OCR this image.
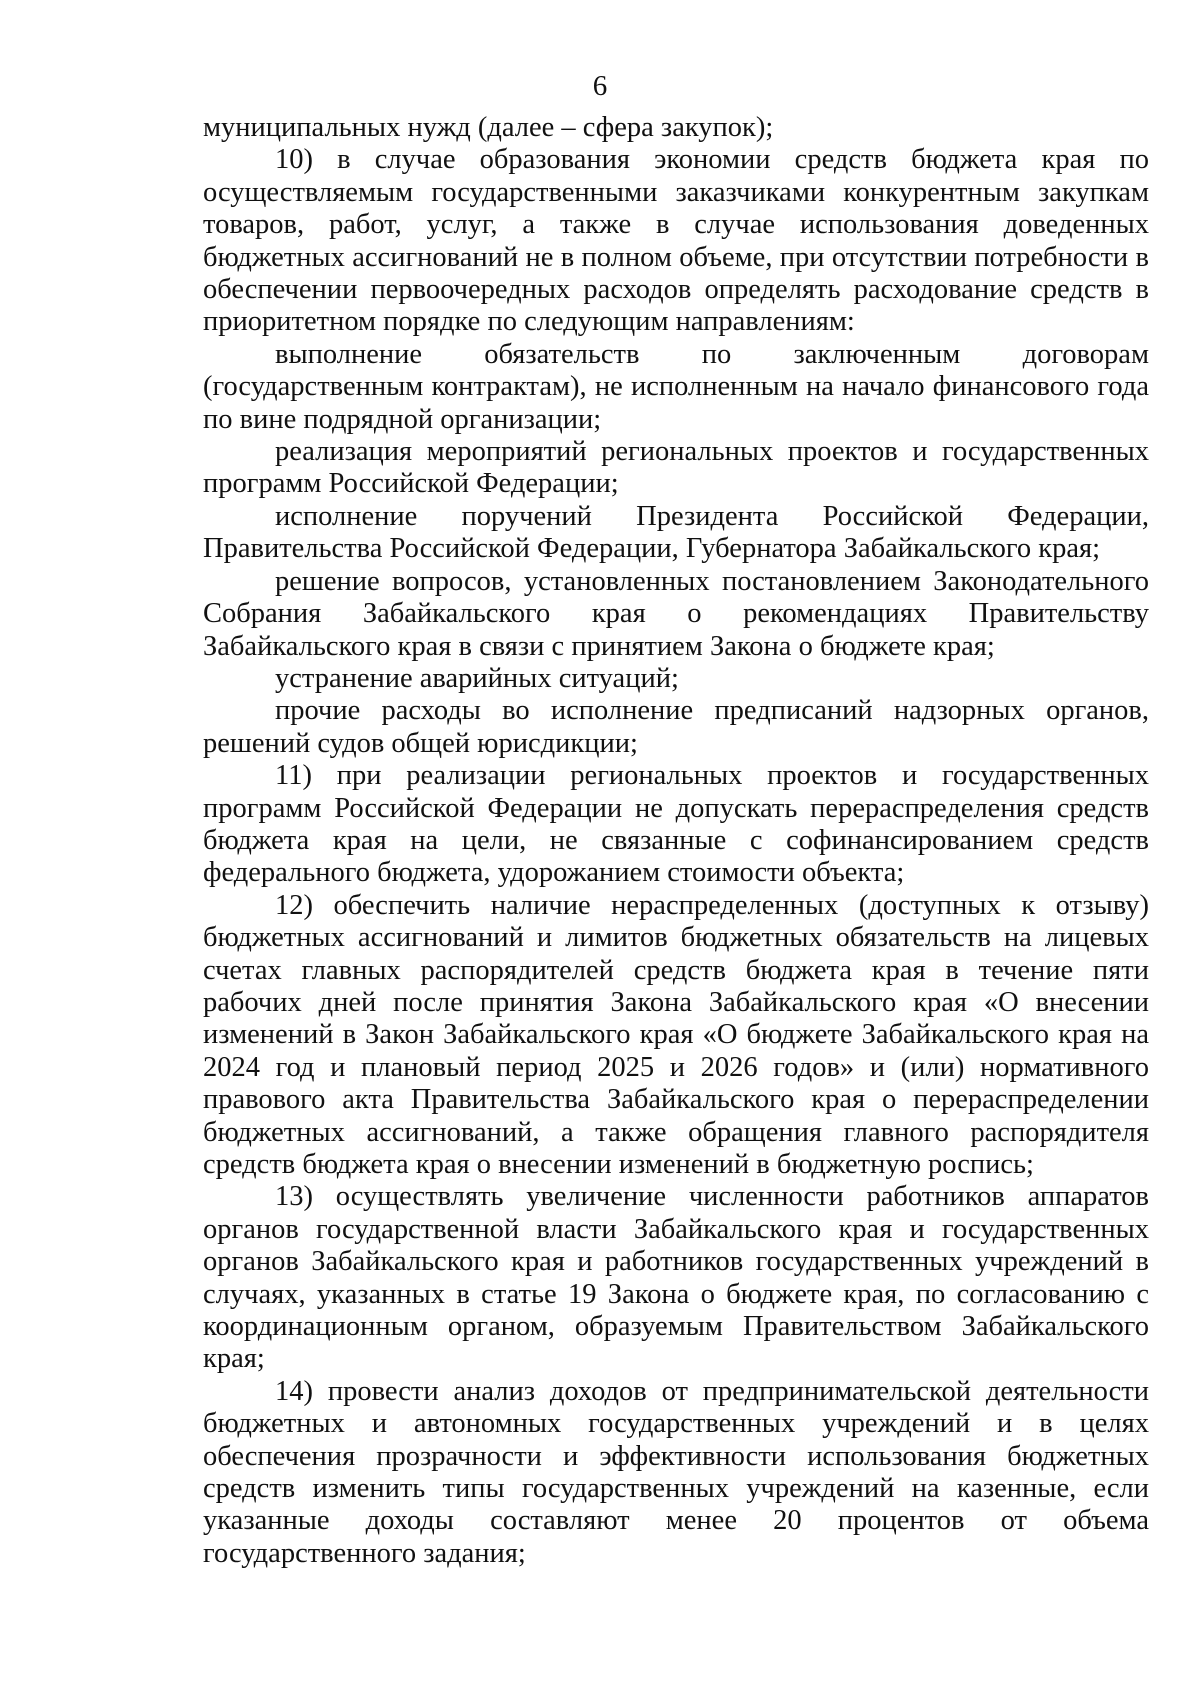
6

муниципальных нужд (далее – сфера закупок);

10) в случае образования экономии средств бюджета края по осуществляемым государственными заказчиками конкурентным закупкам товаров, работ, услуг, а также в случае использования доведенных бюджетных ассигнований не в полном объеме, при отсутствии потребности в обеспечении первоочередных расходов определять расходование средств в приоритетном порядке по следующим направлениям:

выполнение обязательств по заключенным договорам (государственным контрактам), не исполненным на начало финансового года по вине подрядной организации;

реализация мероприятий региональных проектов и государственных программ Российской Федерации;

исполнение поручений Президента Российской Федерации, Правительства Российской Федерации, Губернатора Забайкальского края;

решение вопросов, установленных постановлением Законодательного Собрания Забайкальского края о рекомендациях Правительству Забайкальского края в связи с принятием Закона о бюджете края;

устранение аварийных ситуаций;

прочие расходы во исполнение предписаний надзорных органов, решений судов общей юрисдикции;

11) при реализации региональных проектов и государственных программ Российской Федерации не допускать перераспределения средств бюджета края на цели, не связанные с софинансированием средств федерального бюджета, удорожанием стоимости объекта;

12) обеспечить наличие нераспределенных (доступных к отзыву) бюджетных ассигнований и лимитов бюджетных обязательств на лицевых счетах главных распорядителей средств бюджета края в течение пяти рабочих дней после принятия Закона Забайкальского края «О внесении изменений в Закон Забайкальского края «О бюджете Забайкальского края на 2024 год и плановый период 2025 и 2026 годов» и (или) нормативного правового акта Правительства Забайкальского края о перераспределении бюджетных ассигнований, а также обращения главного распорядителя средств бюджета края о внесении изменений в бюджетную роспись;

13) осуществлять увеличение численности работников аппаратов органов государственной власти Забайкальского края и государственных органов Забайкальского края и работников государственных учреждений в случаях, указанных в статье 19 Закона о бюджете края, по согласованию с координационным органом, образуемым Правительством Забайкальского края;

14) провести анализ доходов от предпринимательской деятельности бюджетных и автономных государственных учреждений и в целях обеспечения прозрачности и эффективности использования бюджетных средств изменить типы государственных учреждений на казенные, если указанные доходы составляют менее 20 процентов от объема государственного задания;
